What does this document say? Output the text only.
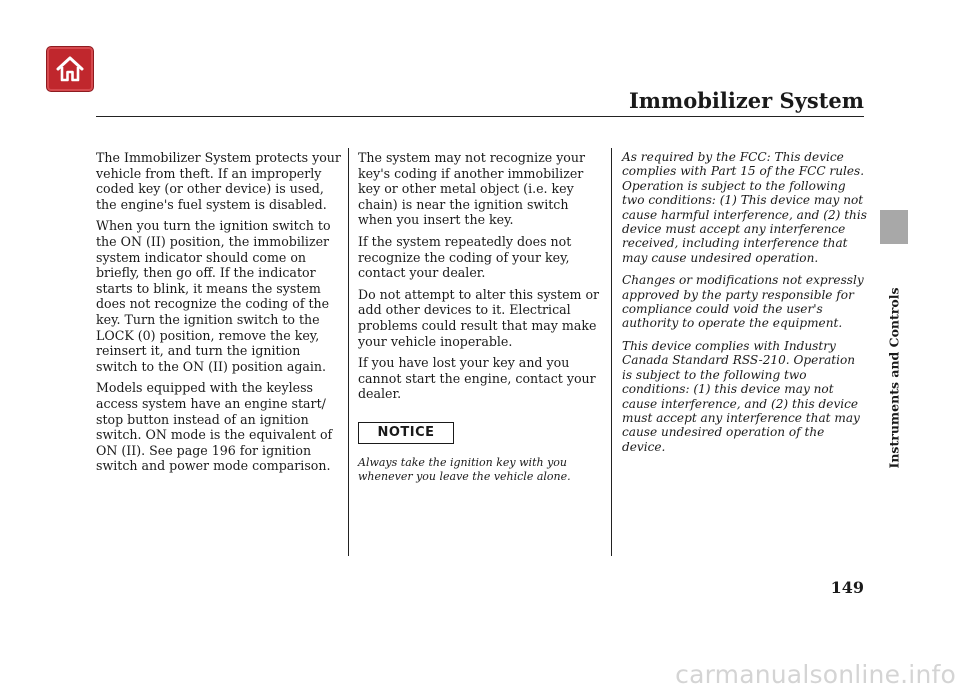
Immobilizer System
Instruments and Controls

The Immobilizer System protects your vehicle from theft. If an improperly coded key (or other device) is used, the engine's fuel system is disabled.

When you turn the ignition switch to the ON (II) position, the immobilizer system indicator should come on briefly, then go off. If the indicator starts to blink, it means the system does not recognize the coding of the key. Turn the ignition switch to the LOCK (0) position, remove the key, reinsert it, and turn the ignition switch to the ON (II) position again.

Models equipped with the keyless access system have an engine start/ stop button instead of an ignition switch. ON mode is the equivalent of ON (II). See page 196 for ignition switch and power mode comparison.

The system may not recognize your key's coding if another immobilizer key or other metal object (i.e. key chain) is near the ignition switch when you insert the key.

If the system repeatedly does not recognize the coding of your key, contact your dealer.

Do not attempt to alter this system or add other devices to it. Electrical problems could result that may make your vehicle inoperable.

If you have lost your key and you cannot start the engine, contact your dealer.

NOTICE

Always take the ignition key with you whenever you leave the vehicle alone.

As required by the FCC: This device complies with Part 15 of the FCC rules. Operation is subject to the following two conditions: (1) This device may not cause harmful interference, and (2) this device must accept any interference received, including interference that may cause undesired operation.

Changes or modifications not expressly approved by the party responsible for compliance could void the user's authority to operate the equipment.

This device complies with Industry Canada Standard RSS-210. Operation is subject to the following two conditions: (1) this device may not cause interference, and (2) this device must accept any interference that may cause undesired operation of the device.

149
carmanualsonline.info
